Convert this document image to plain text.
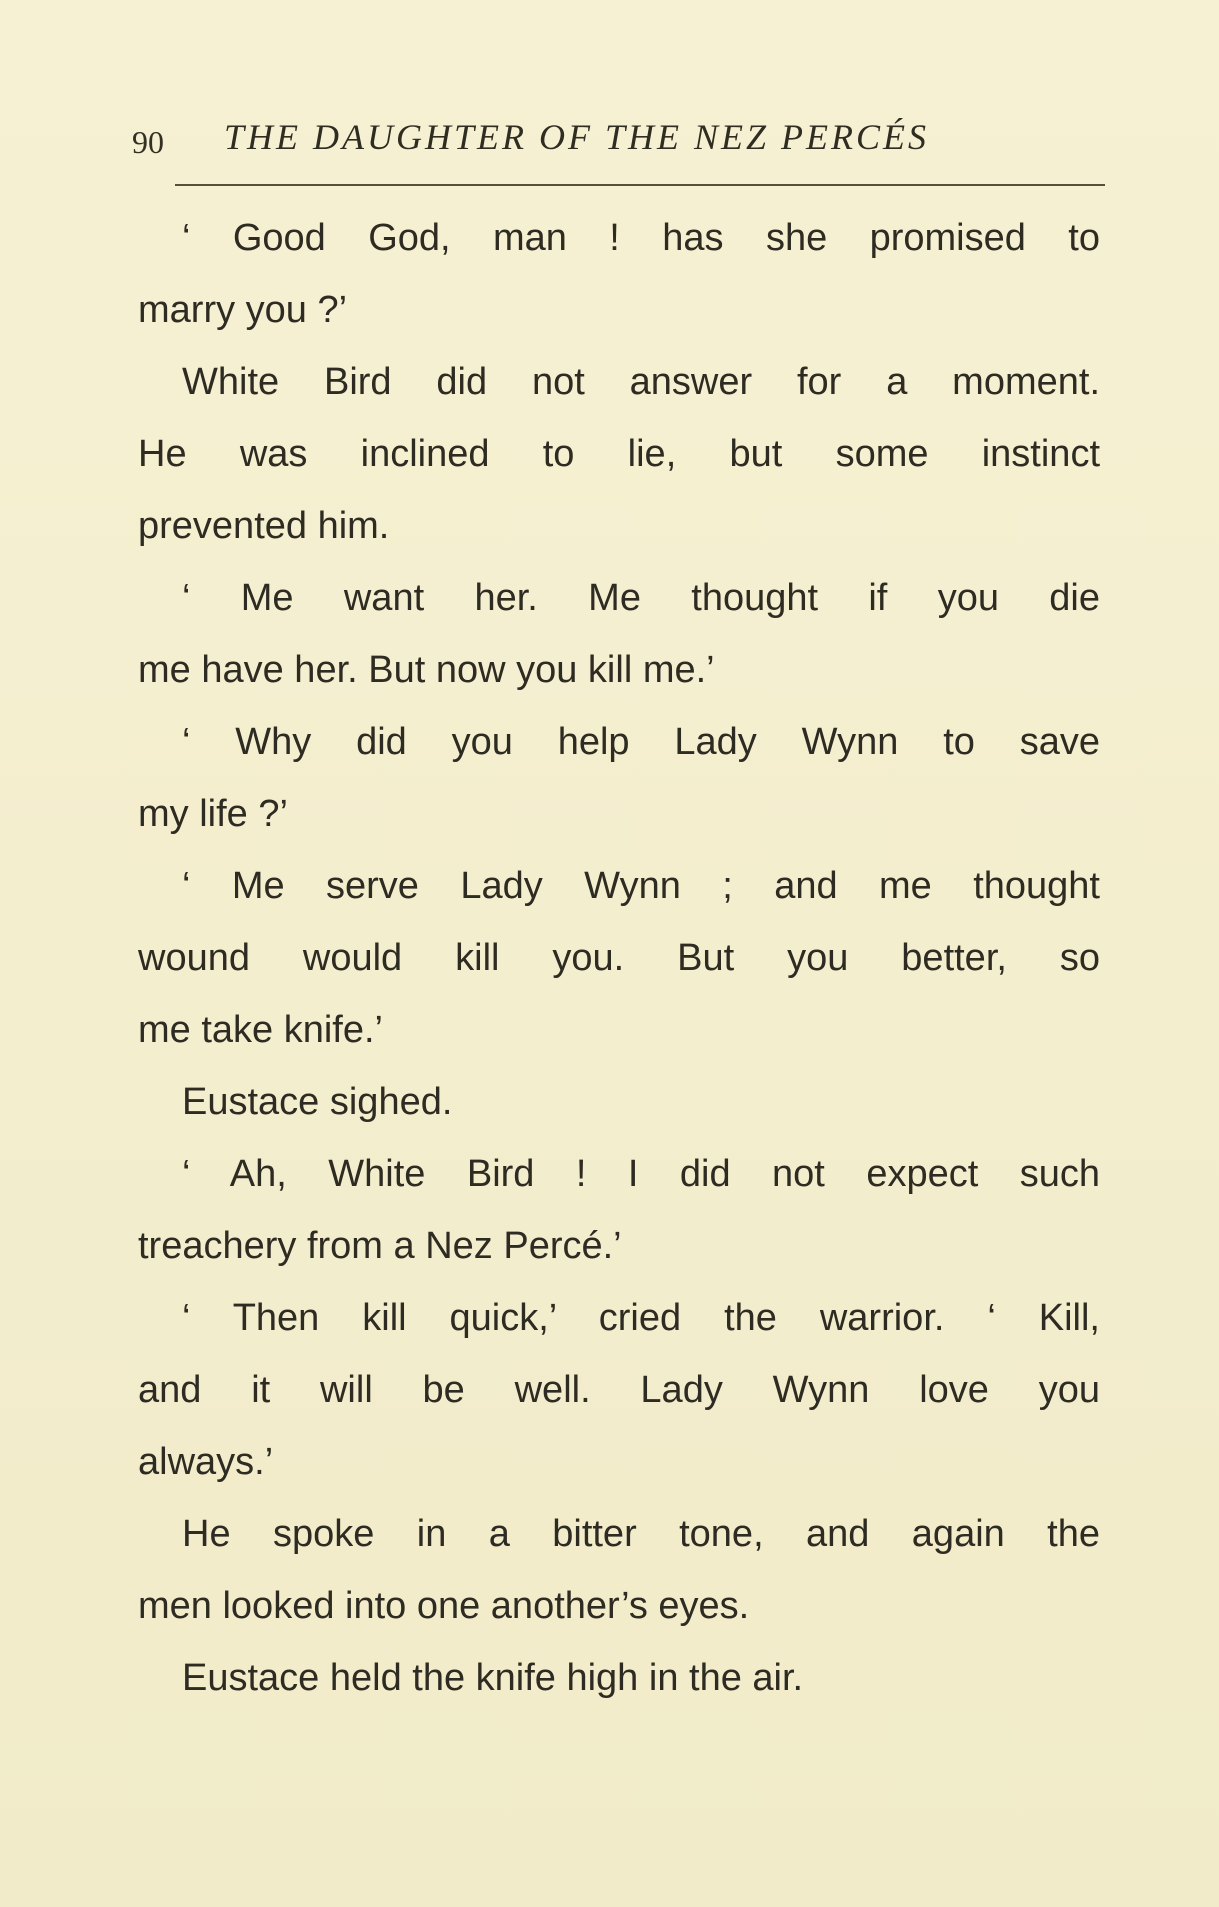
90 THE DAUGHTER OF THE NEZ PERCÉS
‘ Good God, man ! has she promised to
marry you ?’
White Bird did not answer for a moment.
He was inclined to lie, but some instinct
prevented him.
‘ Me want her. Me thought if you die
me have her. But now you kill me.’
‘ Why did you help Lady Wynn to save
my life ?’
‘ Me serve Lady Wynn ; and me thought
wound would kill you. But you better, so
me take knife.’
Eustace sighed.
‘ Ah, White Bird ! I did not expect such
treachery from a Nez Percé.’
‘ Then kill quick,’ cried the warrior. ‘ Kill,
and it will be well. Lady Wynn love you
always.’
He spoke in a bitter tone, and again the
men looked into one another’s eyes.
Eustace held the knife high in the air.
